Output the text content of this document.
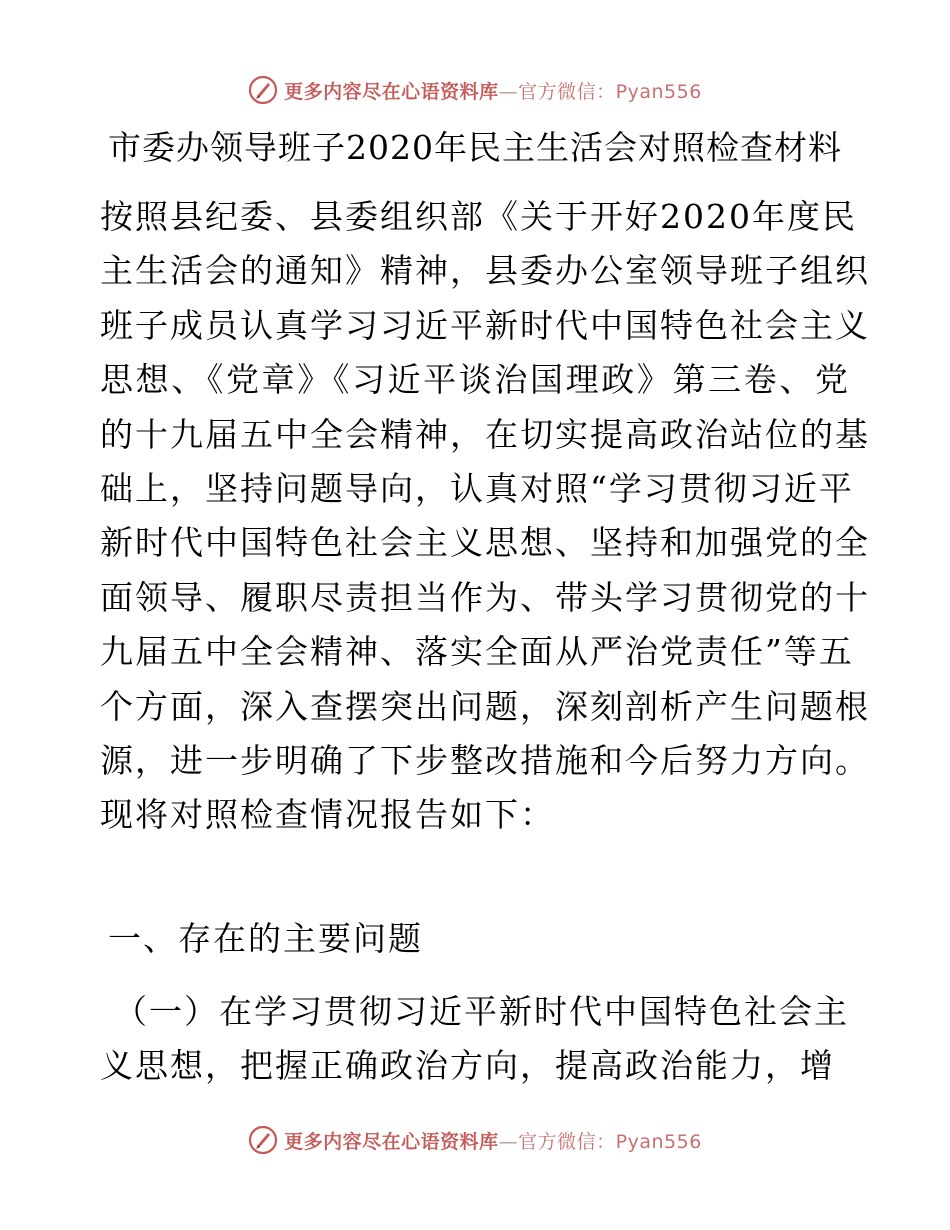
更多内容尽在心语资料库—官方微信：Pyan556
市委办领导班子2020年民主生活会对照检查材料
按照县纪委、县委组织部《关于开好2020年度民
主生活会的通知》精神，县委办公室领导班子组织
班子成员认真学习习近平新时代中国特色社会主义
思想、《党章》《习近平谈治国理政》第三卷、党
的十九届五中全会精神，在切实提高政治站位的基
础上，坚持问题导向，认真对照“学习贯彻习近平
新时代中国特色社会主义思想、坚持和加强党的全
面领导、履职尽责担当作为、带头学习贯彻党的十
九届五中全会精神、落实全面从严治党责任”等五
个方面，深入查摆突出问题，深刻剖析产生问题根
源，进一步明确了下步整改措施和今后努力方向。
现将对照检查情况报告如下：
一、存在的主要问题
（一）在学习贯彻习近平新时代中国特色社会主
义思想，把握正确政治方向，提高政治能力，增
更多内容尽在心语资料库—官方微信：Pyan556
